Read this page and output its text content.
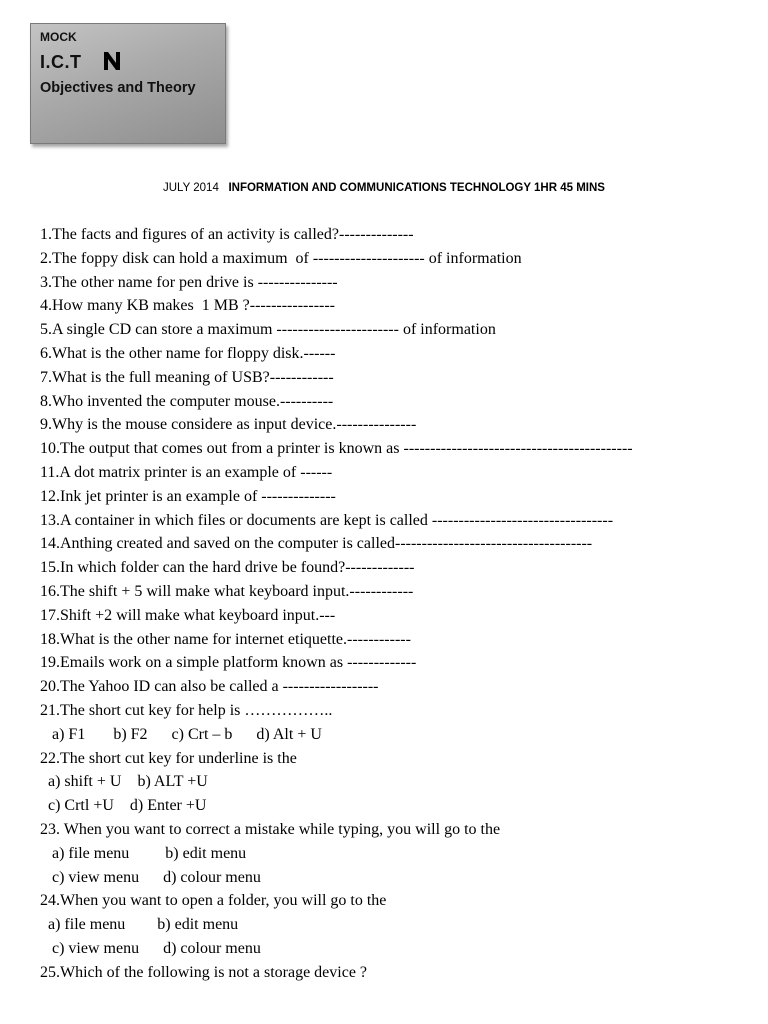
MOCK
I.C.T
Objectives and Theory
JULY 2014 INFORMATION AND COMMUNICATIONS TECHNOLOGY 1HR 45 MINS
1.The facts and figures of an activity is called?--------------
2.The foppy disk can hold a maximum  of --------------------- of information
3.The other name for pen drive is ---------------
4.How many KB makes  1 MB ?----------------
5.A single CD can store a maximum ----------------------- of information
6.What is the other name for floppy disk.------
7.What is the full meaning of USB?------------
8.Who invented the computer mouse.----------
9.Why is the mouse considere as input device.---------------
10.The output that comes out from a printer is known as -------------------------------------------
11.A dot matrix printer is an example of ------
12.Ink jet printer is an example of --------------
13.A container in which files or documents are kept is called ----------------------------------
14.Anthing created and saved on the computer is called-------------------------------------
15.In which folder can the hard drive be found?-------------
16.The shift + 5 will make what keyboard input.------------
17.Shift +2 will make what keyboard input.---
18.What is the other name for internet etiquette.------------
19.Emails work on a simple platform known as -------------
20.The Yahoo ID can also be called a ------------------
21.The short cut key for help is ……………..
a) F1       b) F2      c) Crt – b      d) Alt + U
22.The short cut key for underline is the
a) shift + U    b) ALT +U
c) Crtl +U    d) Enter +U
23. When you want to correct a mistake while typing, you will go to the
a) file menu         b) edit menu
c) view menu      d) colour menu
24.When you want to open a folder, you will go to the
a) file menu        b) edit menu
c) view menu      d) colour menu
25.Which of the following is not a storage device ?
